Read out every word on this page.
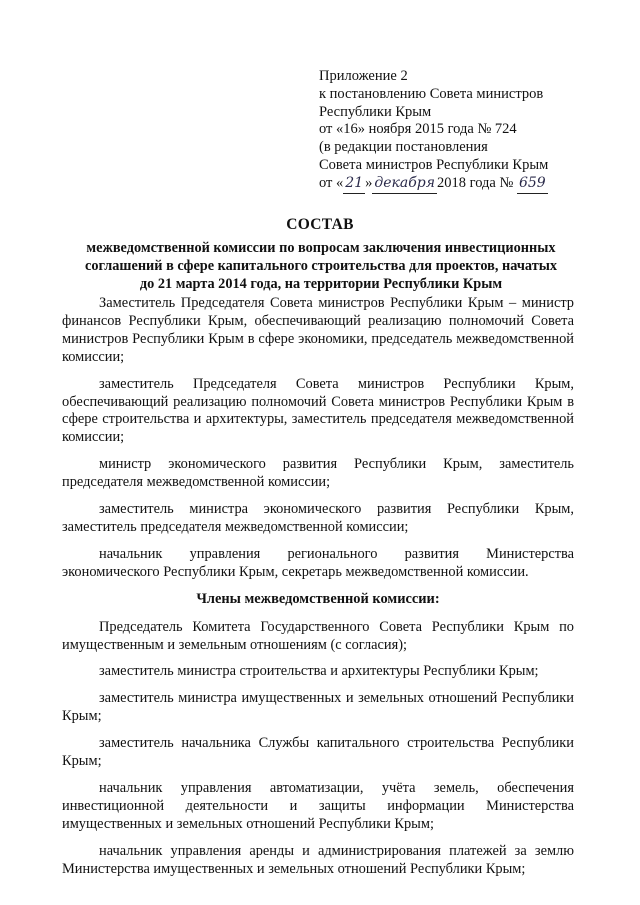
Приложение 2
к постановлению Совета министров
Республики Крым
от «16» ноября 2015 года № 724
(в редакции постановления
Совета министров Республики Крым
от « 21 » декабря 2018 года № 659
СОСТАВ
межведомственной комиссии по вопросам заключения инвестиционных соглашений в сфере капитального строительства для проектов, начатых до 21 марта 2014 года, на территории Республики Крым

Заместитель Председателя Совета министров Республики Крым – министр финансов Республики Крым, обеспечивающий реализацию полномочий Совета министров Республики Крым в сфере экономики, председатель межведомственной комиссии;

заместитель Председателя Совета министров Республики Крым, обеспечивающий реализацию полномочий Совета министров Республики Крым в сфере строительства и архитектуры, заместитель председателя межведомственной комиссии;

министр экономического развития Республики Крым, заместитель председателя межведомственной комиссии;

заместитель министра экономического развития Республики Крым, заместитель председателя межведомственной комиссии;

начальник управления регионального развития Министерства экономического Республики Крым, секретарь межведомственной комиссии.

Члены межведомственной комиссии:

Председатель Комитета Государственного Совета Республики Крым по имущественным и земельным отношениям (с согласия);

заместитель министра строительства и архитектуры Республики Крым;

заместитель министра имущественных и земельных отношений Республики Крым;

заместитель начальника Службы капитального строительства Республики Крым;

начальник управления автоматизации, учёта земель, обеспечения инвестиционной деятельности и защиты информации Министерства имущественных и земельных отношений Республики Крым;

начальник управления аренды и администрирования платежей за землю Министерства имущественных и земельных отношений Республики Крым;
